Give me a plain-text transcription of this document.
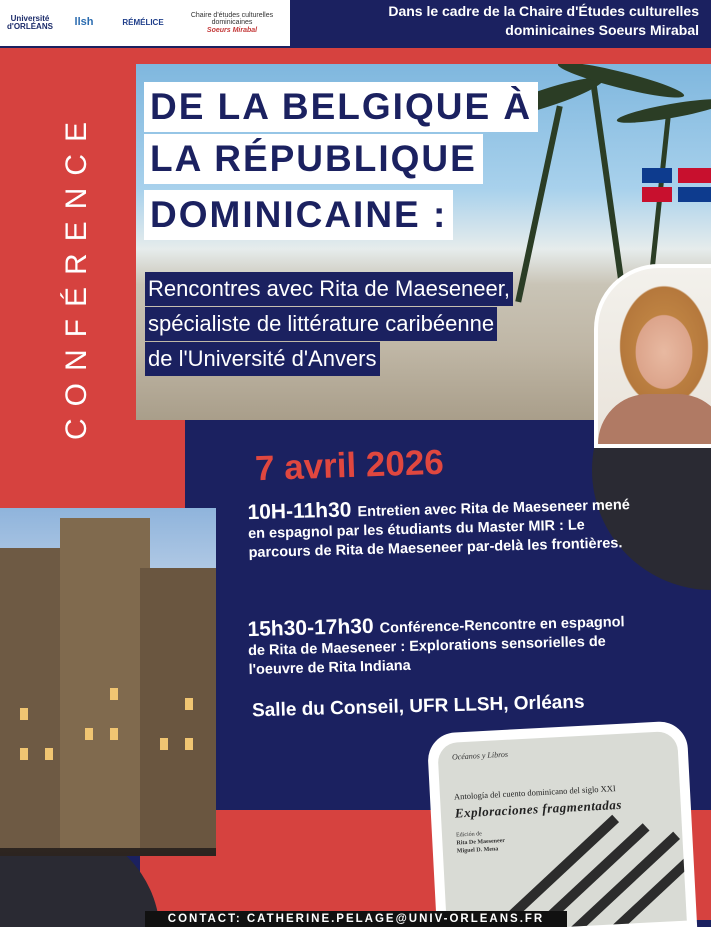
Université d'ORLÉANS	llsh	RÉMÉLICE
Chaire d'études culturelles dominicaines
Soeurs Mirabal
Dans le cadre de la Chaire d'Études culturelles dominicaines Soeurs Mirabal
CONFÉRENCE
DE LA BELGIQUE À
LA RÉPUBLIQUE
DOMINICAINE :
Rencontres avec Rita de Maeseneer,
spécialiste de littérature caribéenne
de l'Université d'Anvers
7 avril 2026
10H-11h30 Entretien avec Rita de Maeseneer mené en espagnol par les étudiants du Master MIR : Le parcours de Rita de Maeseneer par-delà les frontières.
15h30-17h30 Conférence-Rencontre en espagnol de Rita de Maeseneer : Explorations sensorielles de l'oeuvre de Rita Indiana
Salle du Conseil, UFR LLSH, Orléans
Océanos y Libros
Antología del cuento dominicano del siglo XXI
Exploraciones fragmentadas
Edición de
Rita De Maeseneer
Miguel D. Mena
CONTACT: CATHERINE.PELAGE@UNIV-ORLEANS.FR
